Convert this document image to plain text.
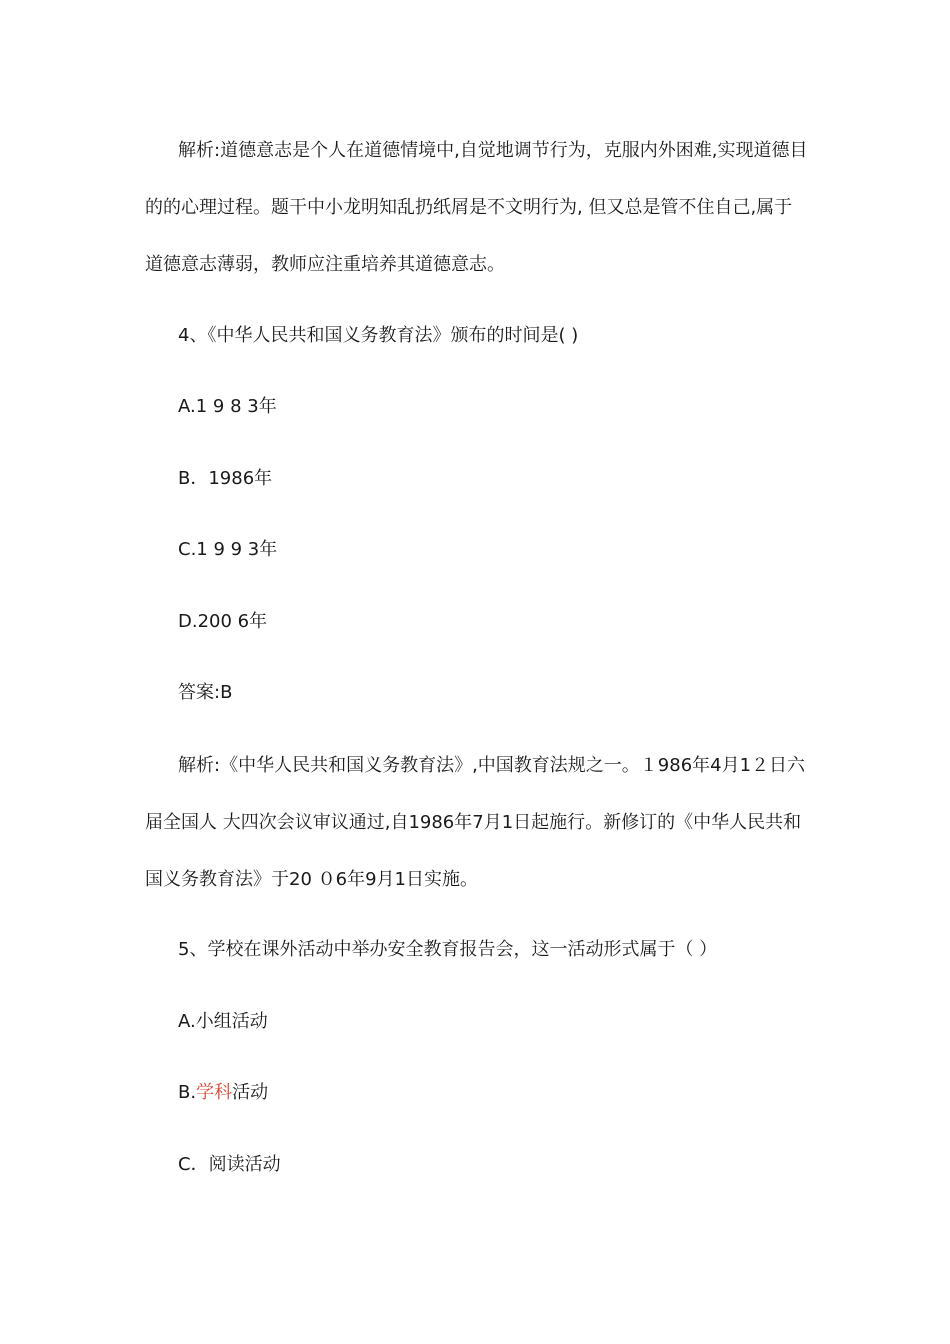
解析:道德意志是个人在道德情境中,自觉地调节行为，克服内外困难,实现道德目的的心理过程。题干中小龙明知乱扔纸屑是不文明行为, 但又总是管不住自己,属于道德意志薄弱，教师应注重培养其道德意志。

4、《中华人民共和国义务教育法》颁布的时间是( )

A.1 9 8 3年

B．1986年

C.1 9 9 3年

D.200 6年

答案:B

解析:《中华人民共和国义务教育法》,中国教育法规之一。１986年4月1２日六届全国人 大四次会议审议通过,自1986年7月1日起施行。新修订的《中华人民共和国义务教育法》于20 ０6年9月1日实施。

5、学校在课外活动中举办安全教育报告会，这一活动形式属于（ ）

A.小组活动

B.学科活动

C．阅读活动
